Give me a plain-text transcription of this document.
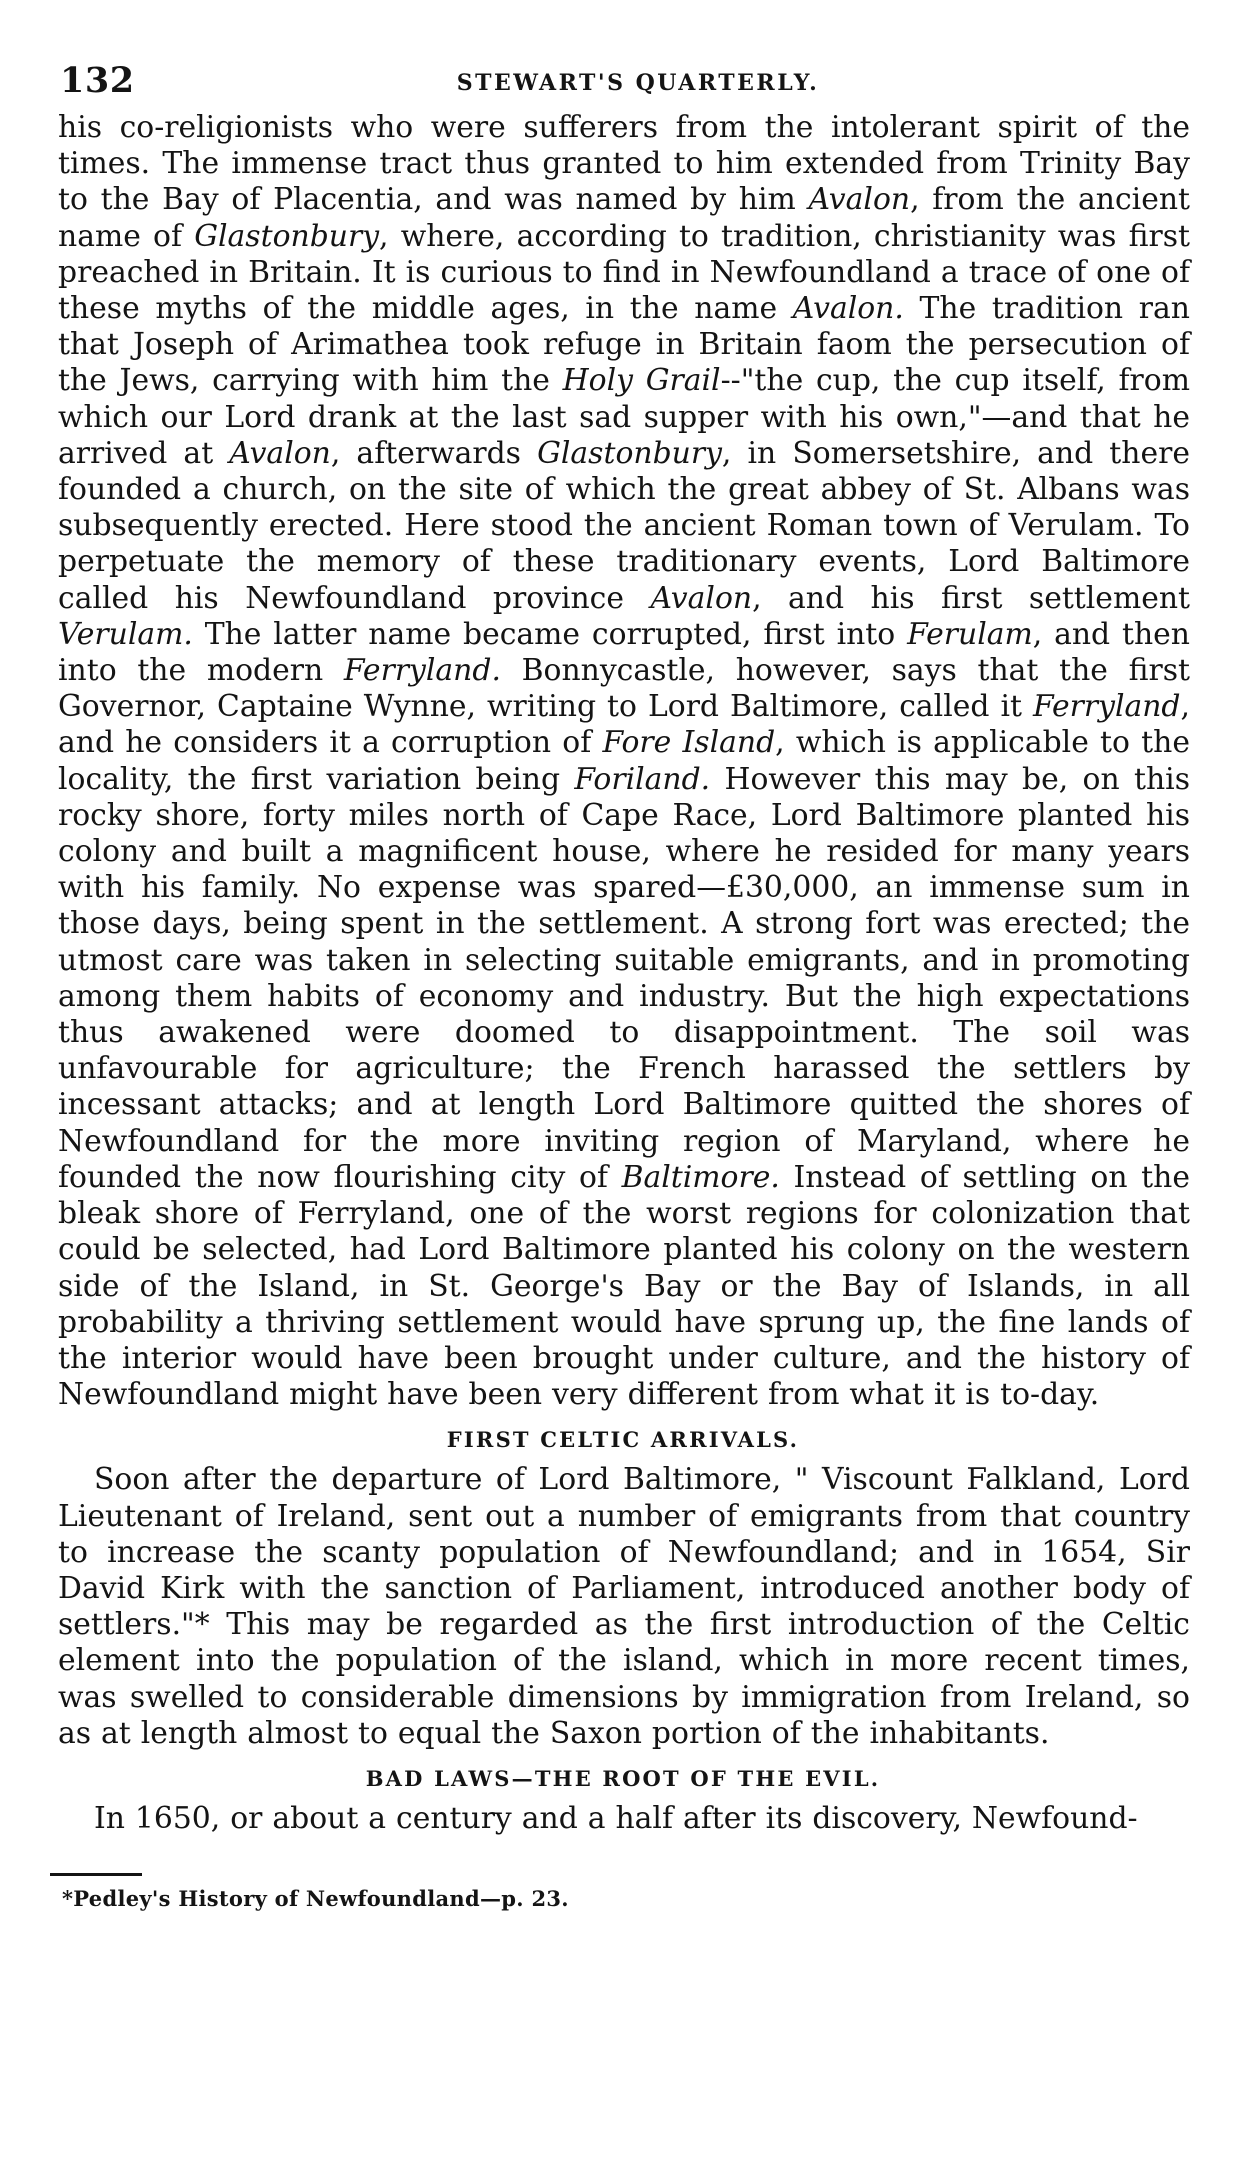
132	STEWART'S QUARTERLY.

his co-religionists who were sufferers from the intolerant spirit of the times. The immense tract thus granted to him extended from Trinity Bay to the Bay of Placentia, and was named by him Avalon, from the ancient name of Glastonbury, where, according to tradition, christianity was first preached in Britain. It is curious to find in Newfoundland a trace of one of these myths of the middle ages, in the name Avalon. The tradition ran that Joseph of Arimathea took refuge in Britain faom the persecution of the Jews, carrying with him the Holy Grail--"the cup, the cup itself, from which our Lord drank at the last sad supper with his own,"—and that he arrived at Avalon, afterwards Glastonbury, in Somersetshire, and there founded a church, on the site of which the great abbey of St. Albans was subsequently erected. Here stood the ancient Roman town of Verulam. To perpetuate the memory of these traditionary events, Lord Baltimore called his Newfoundland province Avalon, and his first settlement Verulam. The latter name became corrupted, first into Ferulam, and then into the modern Ferryland. Bonnycastle, however, says that the first Governor, Captaine Wynne, writing to Lord Baltimore, called it Ferryland, and he considers it a corruption of Fore Island, which is applicable to the locality, the first variation being Foriland. However this may be, on this rocky shore, forty miles north of Cape Race, Lord Baltimore planted his colony and built a magnificent house, where he resided for many years with his family. No expense was spared—£30,000, an immense sum in those days, being spent in the settlement. A strong fort was erected; the utmost care was taken in selecting suitable emigrants, and in promoting among them habits of economy and industry. But the high expectations thus awakened were doomed to disappointment. The soil was unfavourable for agriculture; the French harassed the settlers by incessant attacks; and at length Lord Baltimore quitted the shores of Newfoundland for the more inviting region of Maryland, where he founded the now flourishing city of Baltimore. Instead of settling on the bleak shore of Ferryland, one of the worst regions for colonization that could be selected, had Lord Baltimore planted his colony on the western side of the Island, in St. George's Bay or the Bay of Islands, in all probability a thriving settlement would have sprung up, the fine lands of the interior would have been brought under culture, and the history of Newfoundland might have been very different from what it is to-day.

FIRST CELTIC ARRIVALS.

Soon after the departure of Lord Baltimore, " Viscount Falkland, Lord Lieutenant of Ireland, sent out a number of emigrants from that country to increase the scanty population of Newfoundland; and in 1654, Sir David Kirk with the sanction of Parliament, introduced another body of settlers."* This may be regarded as the first introduction of the Celtic element into the population of the island, which in more recent times, was swelled to considerable dimensions by immigration from Ireland, so as at length almost to equal the Saxon portion of the inhabitants.

BAD LAWS—THE ROOT OF THE EVIL.

In 1650, or about a century and a half after its discovery, Newfound-

*Pedley's History of Newfoundland—p. 23.
